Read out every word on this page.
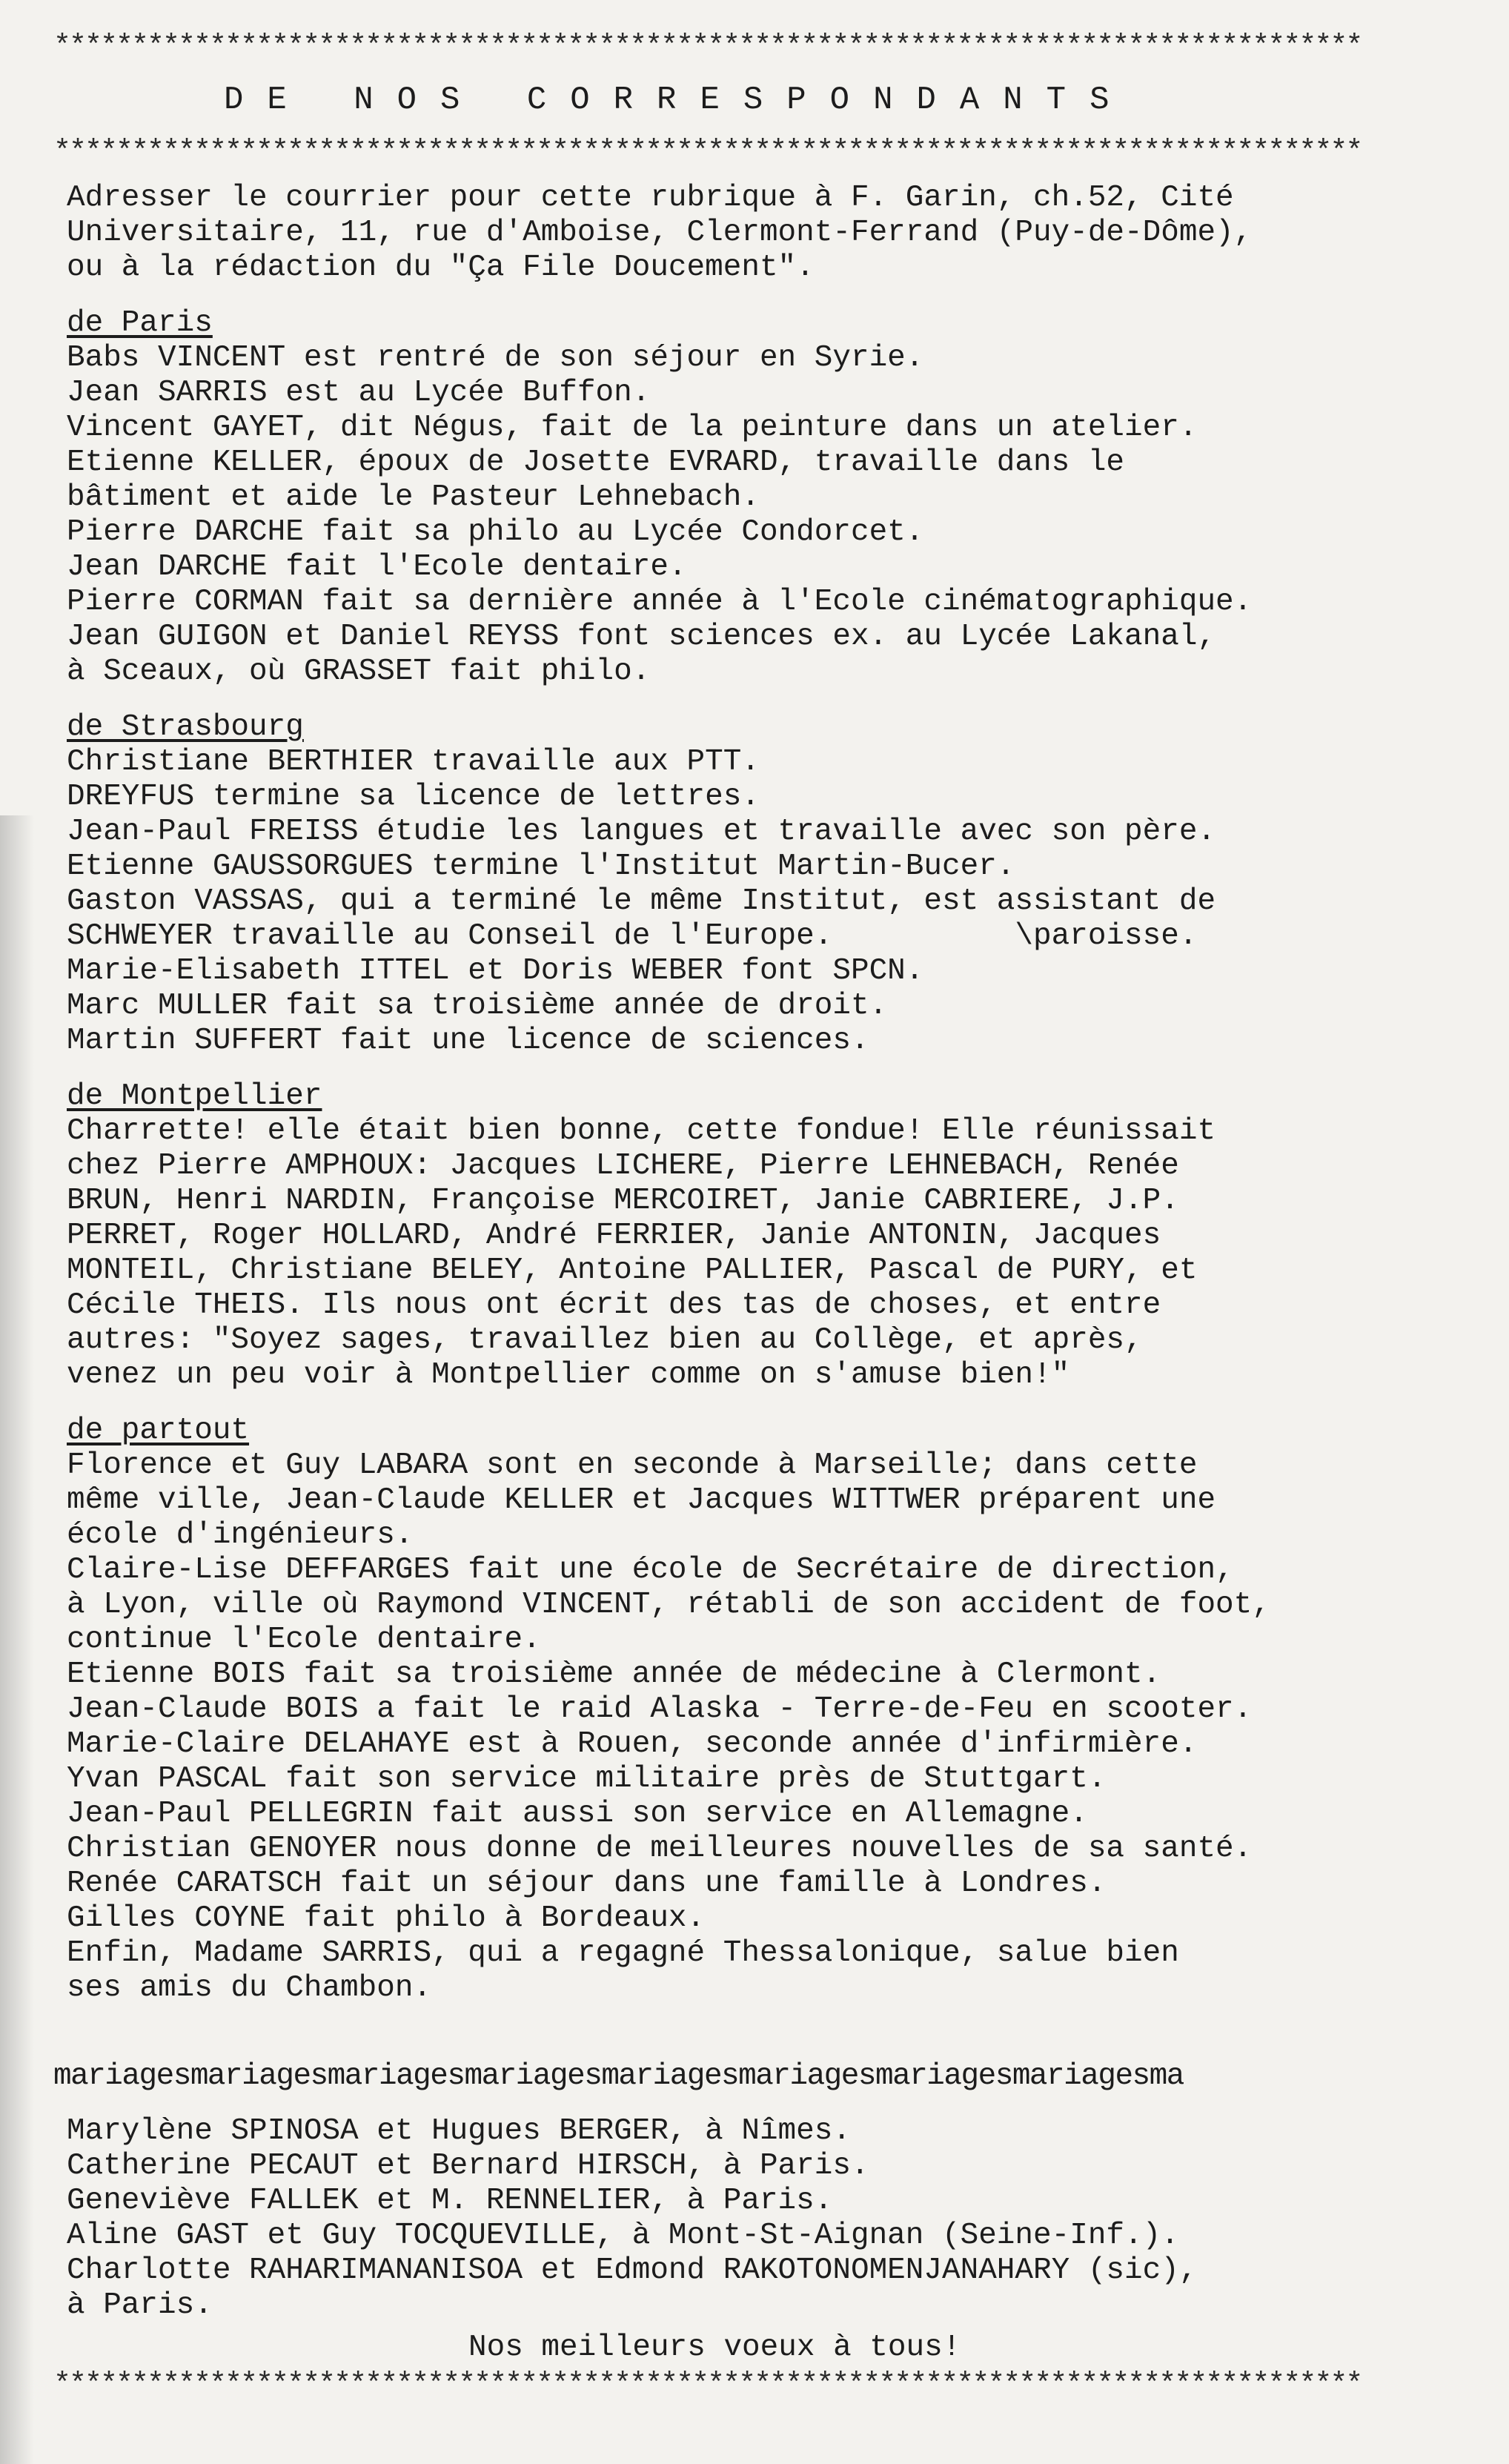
************************************************************************************
DE NOS CORRESPONDANTS
************************************************************************************
Adresser le courrier pour cette rubrique à F. Garin, ch.52, Cité
Universitaire, 11, rue d'Amboise, Clermont-Ferrand (Puy-de-Dôme),
ou à la rédaction du "Ça File Doucement".
de Paris
Babs VINCENT est rentré de son séjour en Syrie.
Jean SARRIS est au Lycée Buffon.
Vincent GAYET, dit Négus, fait de la peinture dans un atelier.
Etienne KELLER, époux de Josette EVRARD, travaille dans le
bâtiment et aide le Pasteur Lehnebach.
Pierre DARCHE fait sa philo au Lycée Condorcet.
Jean DARCHE fait l'Ecole dentaire.
Pierre CORMAN fait sa dernière année à l'Ecole cinématographique.
Jean GUIGON et Daniel REYSS font sciences ex. au Lycée Lakanal,
à Sceaux, où GRASSET fait philo.
de Strasbourg
Christiane BERTHIER travaille aux PTT.
DREYFUS termine sa licence de lettres.
Jean-Paul FREISS étudie les langues et travaille avec son père.
Etienne GAUSSORGUES termine l'Institut Martin-Bucer.
Gaston VASSAS, qui a terminé le même Institut, est assistant de
SCHWEYER travaille au Conseil de l'Europe.          \paroisse.
Marie-Elisabeth ITTEL et Doris WEBER font SPCN.
Marc MULLER fait sa troisième année de droit.
Martin SUFFERT fait une licence de sciences.
de Montpellier
Charrette! elle était bien bonne, cette fondue! Elle réunissait
chez Pierre AMPHOUX: Jacques LICHERE, Pierre LEHNEBACH, Renée
BRUN, Henri NARDIN, Françoise MERCOIRET, Janie CABRIERE, J.P.
PERRET, Roger HOLLARD, André FERRIER, Janie ANTONIN, Jacques
MONTEIL, Christiane BELEY, Antoine PALLIER, Pascal de PURY, et
Cécile THEIS. Ils nous ont écrit des tas de choses, et entre
autres: "Soyez sages, travaillez bien au Collège, et après,
venez un peu voir à Montpellier comme on s'amuse bien!"
de partout
Florence et Guy LABARA sont en seconde à Marseille; dans cette
même ville, Jean-Claude KELLER et Jacques WITTWER préparent une
école d'ingénieurs.
Claire-Lise DEFFARGES fait une école de Secrétaire de direction,
à Lyon, ville où Raymond VINCENT, rétabli de son accident de foot,
continue l'Ecole dentaire.
Etienne BOIS fait sa troisième année de médecine à Clermont.
Jean-Claude BOIS a fait le raid Alaska - Terre-de-Feu en scooter.
Marie-Claire DELAHAYE est à Rouen, seconde année d'infirmière.
Yvan PASCAL fait son service militaire près de Stuttgart.
Jean-Paul PELLEGRIN fait aussi son service en Allemagne.
Christian GENOYER nous donne de meilleures nouvelles de sa santé.
Renée CARATSCH fait un séjour dans une famille à Londres.
Gilles COYNE fait philo à Bordeaux.
Enfin, Madame SARRIS, qui a regagné Thessalonique, salue bien
ses amis du Chambon.
mariagesmariagesmariagesmariagesmariagesmariagesmariagesmariagesma
Marylène SPINOSA et Hugues BERGER, à Nîmes.
Catherine PECAUT et Bernard HIRSCH, à Paris.
Geneviève FALLEK et M. RENNELIER, à Paris.
Aline GAST et Guy TOCQUEVILLE, à Mont-St-Aignan (Seine-Inf.).
Charlotte RAHARIMANANISOA et Edmond RAKOTONOMENJANAHARY (sic),
à Paris.
Nos meilleurs voeux à tous!
************************************************************************************
